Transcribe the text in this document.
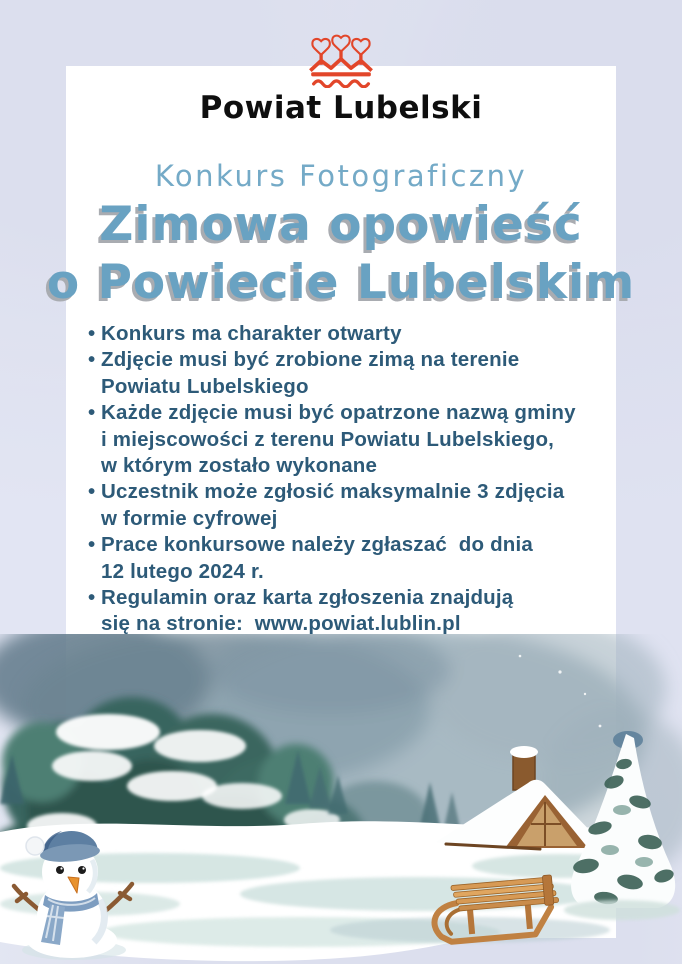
Powiat Lubelski
Konkurs Fotograficzny
Zimowa opowieść
o Powiecie Lubelskim
• Konkurs ma charakter otwarty
• Zdjęcie musi być zrobione zimą na terenie
Powiatu Lubelskiego
• Każde zdjęcie musi być opatrzone nazwą gminy
i miejscowości z terenu Powiatu Lubelskiego,
w którym zostało wykonane
• Uczestnik może zgłosić maksymalnie 3 zdjęcia
w formie cyfrowej
• Prace konkursowe należy zgłaszać  do dnia
12 lutego 2024 r.
• Regulamin oraz karta zgłoszenia znajdują
się na stronie:  www.powiat.lublin.pl
